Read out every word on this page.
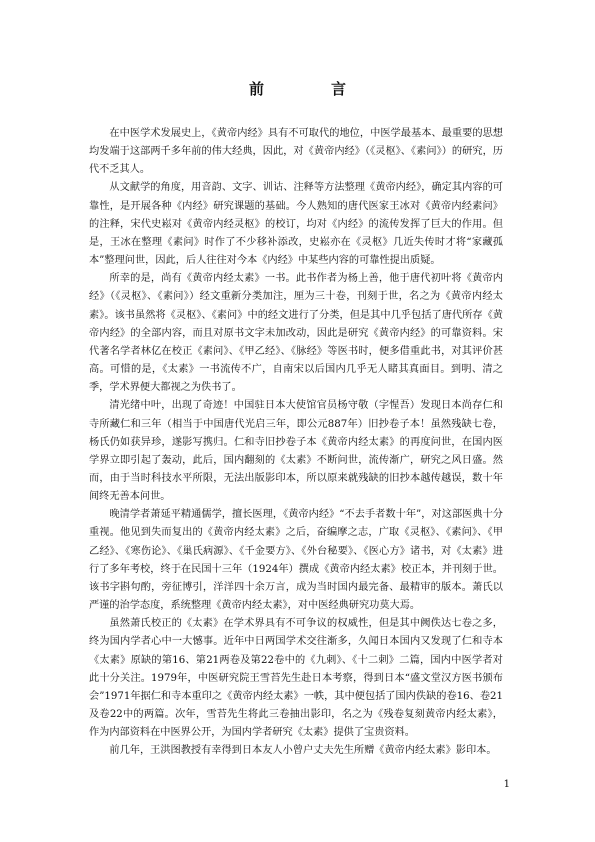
前　言

在中医学术发展史上，《黄帝内经》具有不可取代的地位，中医学最基本、最重要的思想均发端于这部两千多年前的伟大经典，因此，对《黄帝内经》（《灵枢》、《素问》）的研究，历代不乏其人。

从文献学的角度，用音韵、文字、训诂、注释等方法整理《黄帝内经》，确定其内容的可靠性，是开展各种《内经》研究课题的基础。今人熟知的唐代医家王冰对《黄帝内经素问》的注释，宋代史崧对《黄帝内经灵枢》的校订，均对《内经》的流传发挥了巨大的作用。但是，王冰在整理《素问》时作了不少移补添改，史崧亦在《灵枢》几近失传时才将“家藏孤本”整理问世，因此，后人往往对今本《内经》中某些内容的可靠性提出质疑。

所幸的是，尚有《黄帝内经太素》一书。此书作者为杨上善，他于唐代初叶将《黄帝内经》（《灵枢》、《素问》）经文重新分类加注，厘为三十卷，刊刻于世，名之为《黄帝内经太素》。该书虽然将《灵枢》、《素问》中的经文进行了分类，但是其中几乎包括了唐代所存《黄帝内经》的全部内容，而且对原书文字未加改动，因此是研究《黄帝内经》的可靠资料。宋代著名学者林亿在校正《素问》、《甲乙经》、《脉经》等医书时，便多借重此书，对其评价甚高。可惜的是，《太素》一书流传不广，自南宋以后国内几乎无人睹其真面目。到明、清之季，学术界便大都视之为佚书了。

清光绪中叶，出现了奇迹！中国驻日本大使馆官员杨守敬（字惺吾）发现日本尚存仁和寺所藏仁和三年（相当于中国唐代光启三年，即公元887年）旧抄卷子本！虽然残缺七卷，杨氏仍如获异珍，遂影写携归。仁和寺旧抄卷子本《黄帝内经太素》的再度问世，在国内医学界立即引起了轰动，此后，国内翻刻的《太素》不断问世，流传渐广，研究之风日盛。然而，由于当时科技水平所限，无法出版影印本，所以原来就残缺的旧抄本越传越误，数十年间终无善本问世。

晚清学者萧延平精通儒学，擅长医理，《黄帝内经》“不去手者数十年”，对这部医典十分重视。他见到失而复出的《黄帝内经太素》之后，奋编摩之志，广取《灵枢》、《素问》、《甲乙经》、《寒伤论》、《巢氏病源》、《千金要方》、《外台秘要》、《医心方》诸书，对《太素》进行了多年考校，终于在民国十三年（1924年）撰成《黄帝内经太素》校正本，并刊刻于世。该书字斟句酌，旁征博引，洋洋四十余万言，成为当时国内最完备、最精审的版本。萧氏以严谨的治学态度，系统整理《黄帝内经太素》，对中医经典研究功莫大焉。

虽然萧氏校正的《太素》在学术界具有不可争议的权威性，但是其中阙佚达七卷之多，终为国内学者心中一大憾事。近年中日两国学术交往渐多，久闻日本国内又发现了仁和寺本《太素》原缺的第16、第21两卷及第22卷中的《九刺》、《十二刺》二篇，国内中医学者对此十分关注。1979年，中医研究院王雪苔先生赴日本考察，得到日本“盛文堂汉方医书颁布会”1971年据仁和寺本重印之《黄帝内经太素》一帙，其中便包括了国内佚缺的卷16、卷21及卷22中的两篇。次年，雪苔先生将此三卷抽出影印，名之为《残卷复刻黄帝内经太素》，作为内部资料在中医界公开，为国内学者研究《太素》提供了宝贵资料。

前几年，王洪图教授有幸得到日本友人小曾户丈夫先生所赠《黄帝内经太素》影印本。

1
